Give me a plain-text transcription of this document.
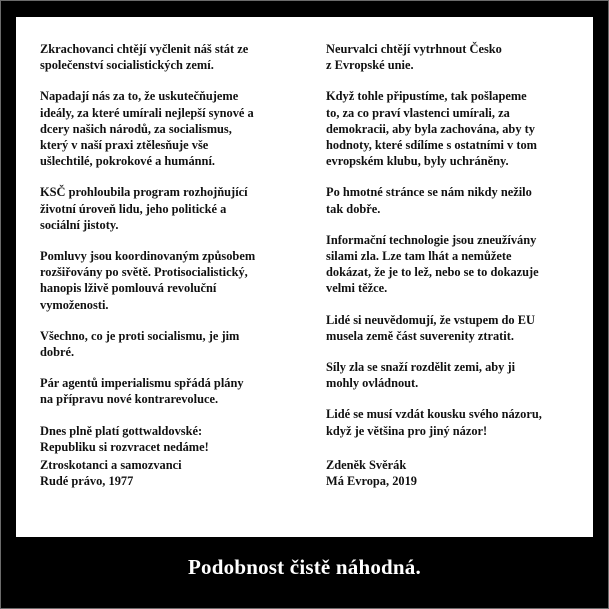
Zkrachovanci chtějí vyčlenit náš stát ze
společenství socialistických zemí.

Napadají nás za to, že uskutečňujeme
ideály, za které umírali nejlepší synové a
dcery našich národů, za socialismus,
který v naší praxi ztělesňuje vše
ušlechtilé, pokrokové a humánní.

KSČ prohloubila program rozhojňující
životní úroveň lidu, jeho politické a
sociální jistoty.

Pomluvy jsou koordinovaným způsobem
rozšiřovány po světě. Protisocialistický,
hanopis lživě pomlouvá revoluční
vymoženosti.

Všechno, co je proti socialismu, je jim
dobré.

Pár agentů imperialismu spřádá plány
na přípravu nové kontrarevoluce.

Dnes plně platí gottwaldovské:
Republiku si rozvracet nedáme!

Neurvalci chtějí vytrhnout Česko
z Evropské unie.

Když tohle připustíme, tak pošlapeme
to, za co praví vlastenci umírali, za
demokracii, aby byla zachována, aby ty
hodnoty, které sdílíme s ostatními v tom
evropském klubu, byly uchráněny.

Po hmotné stránce se nám nikdy nežilo
tak dobře.

Informační technologie jsou zneužívány
silami zla. Lze tam lhát a nemůžete
dokázat, že je to lež, nebo se to dokazuje
velmi těžce.

Lidé si neuvědomují, že vstupem do EU
musela země část suverenity ztratit.

Síly zla se snaží rozdělit zemi, aby ji
mohly ovládnout.

Lidé se musí vzdát kousku svého názoru,
když je většina pro jiný názor!

Ztroskotanci a samozvanci
Rudé právo, 1977
Zdeněk Svěrák
Má Evropa, 2019
Podobnost čistě náhodná.
